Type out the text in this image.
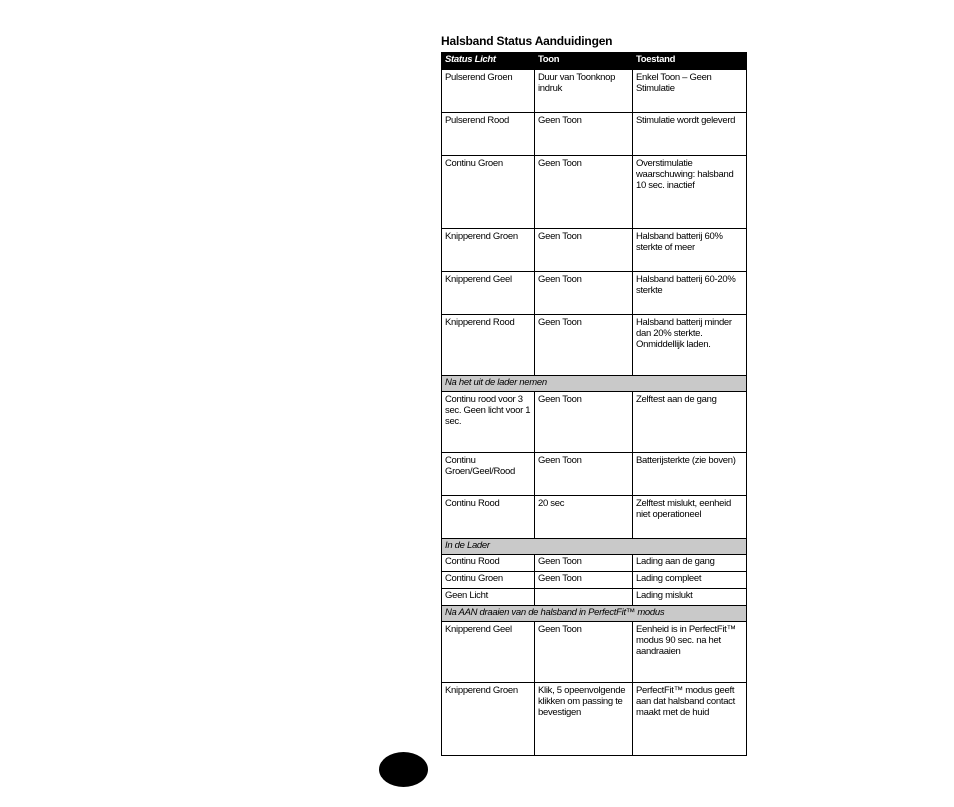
Halsband Status Aanduidingen
Status Licht	Toon	Toestand
Pulserend Groen	Duur van Toonknop indruk	Enkel Toon – Geen Stimulatie
Pulserend Rood	Geen Toon	Stimulatie wordt geleverd
Continu Groen	Geen Toon	Overstimulatie waarschuwing: halsband 10 sec. inactief
Knipperend Groen	Geen Toon	Halsband batterij 60% sterkte of meer
Knipperend Geel	Geen Toon	Halsband batterij 60-20% sterkte
Knipperend Rood	Geen Toon	Halsband batterij minder dan 20% sterkte. Onmiddellijk laden.
Na het uit de lader nemen		
Continu rood voor 3 sec. Geen licht voor 1 sec.	Geen Toon	Zelftest aan de gang
Continu Groen/Geel/Rood	Geen Toon	Batterijsterkte (zie boven)
Continu Rood	20 sec	Zelftest mislukt, eenheid niet operationeel
In de Lader		
Continu Rood	Geen Toon	Lading aan de gang
Continu Groen	Geen Toon	Lading compleet
Geen Licht		Lading mislukt
Na AAN draaien van de halsband in PerfectFit™ modus		
Knipperend Geel	Geen Toon	Eenheid is in PerfectFit™ modus 90 sec. na het aandraaien
Knipperend Groen	Klik, 5 opeenvolgende klikken om passing te bevestigen	PerfectFit™ modus geeft aan dat halsband contact maakt met de huid
